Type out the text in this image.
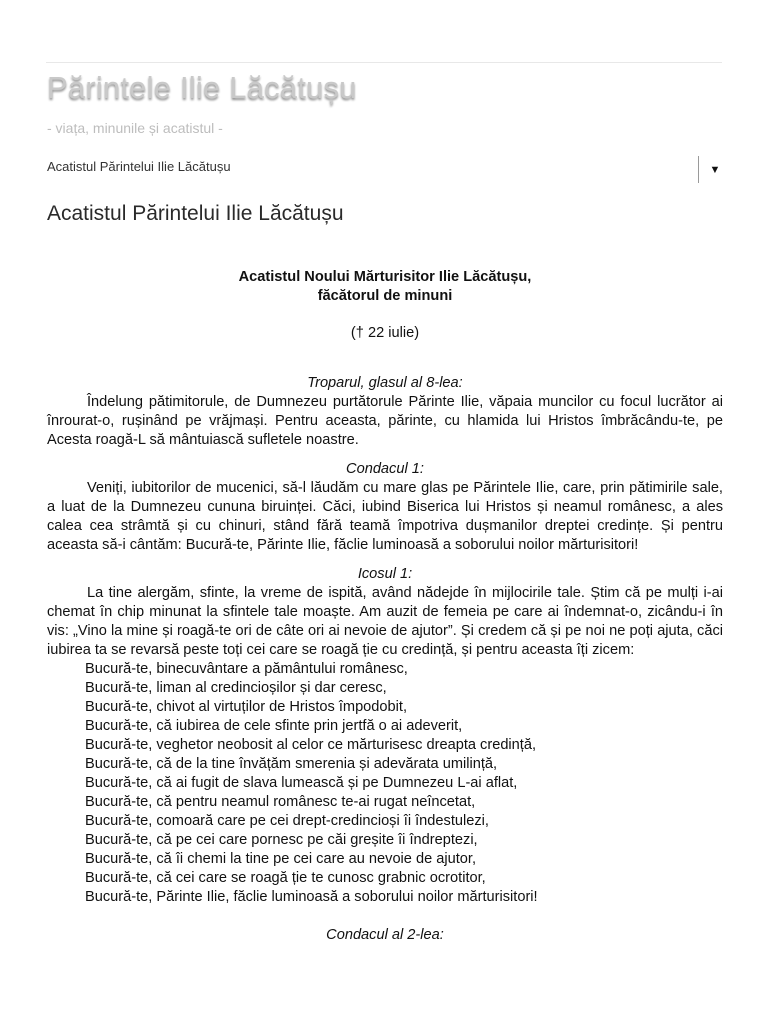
Părintele Ilie Lăcătușu
- viața, minunile și acatistul -
Acatistul Părintelui Ilie Lăcătușu	▼
Acatistul Părintelui Ilie Lăcătușu

Acatistul Noului Mărturisitor Ilie Lăcătușu,

făcătorul de minuni

(† 22 iulie)

Troparul, glasul al 8-lea:

Îndelung pătimitorule, de Dumnezeu purtătorule Părinte Ilie, văpaia muncilor cu focul lucrător ai înrourat-o, rușinând pe vrăjmași. Pentru aceasta, părinte, cu hlamida lui Hristos îmbrăcându-te, pe Acesta roagă-L să mântuiască sufletele noastre.

Condacul 1:

Veniți, iubitorilor de mucenici, să-l lăudăm cu mare glas pe Părintele Ilie, care, prin pătimirile sale, a luat de la Dumnezeu cununa biruinței. Căci, iubind Biserica lui Hristos și neamul românesc, a ales calea cea strâmtă și cu chinuri, stând fără teamă împotriva dușmanilor dreptei credințe. Și pentru aceasta să-i cântăm: Bucură-te, Părinte Ilie, făclie luminoasă a soborului noilor mărturisitori!

Icosul 1:

La tine alergăm, sfinte, la vreme de ispită, având nădejde în mijlocirile tale. Știm că pe mulți i-ai chemat în chip minunat la sfintele tale moaște. Am auzit de femeia pe care ai îndemnat-o, zicându-i în vis: „Vino la mine și roagă-te ori de câte ori ai nevoie de ajutor”. Și credem că și pe noi ne poți ajuta, căci iubirea ta se revarsă peste toți cei care se roagă ție cu credință, și pentru aceasta îți zicem:

Bucură-te, binecuvântare a pământului românesc,

Bucură-te, liman al credincioșilor și dar ceresc,

Bucură-te, chivot al virtuților de Hristos împodobit,

Bucură-te, că iubirea de cele sfinte prin jertfă o ai adeverit,

Bucură-te, veghetor neobosit al celor ce mărturisesc dreapta credință,

Bucură-te, că de la tine învățăm smerenia și adevărata umilință,

Bucură-te, că ai fugit de slava lumească și pe Dumnezeu L-ai aflat,

Bucură-te, că pentru neamul românesc te-ai rugat neîncetat,

Bucură-te, comoară care pe cei drept-credincioși îi îndestulezi,

Bucură-te, că pe cei care pornesc pe căi greșite îi îndreptezi,

Bucură-te, că îi chemi la tine pe cei care au nevoie de ajutor,

Bucură-te, că cei care se roagă ție te cunosc grabnic ocrotitor,

Bucură-te, Părinte Ilie, făclie luminoasă a soborului noilor mărturisitori!

Condacul al 2-lea:
